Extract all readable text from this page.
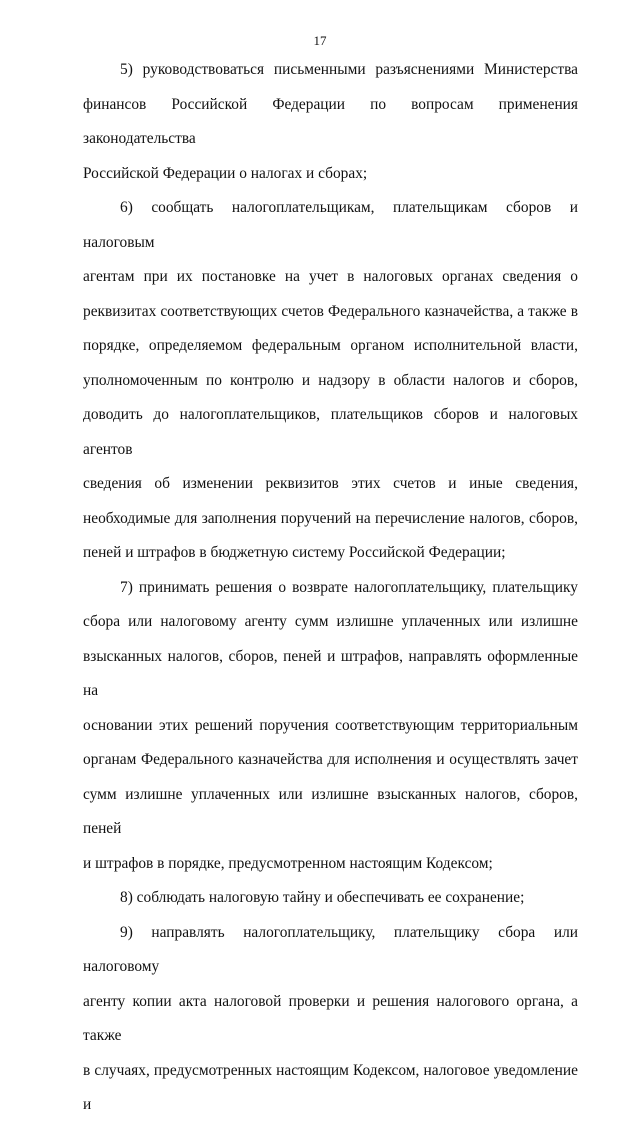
17
5) руководствоваться письменными разъяснениями Министерства
финансов Российской Федерации по вопросам применения законодательства
Российской Федерации о налогах и сборах;
6) сообщать налогоплательщикам, плательщикам сборов и налоговым
агентам при их постановке на учет в налоговых органах сведения о
реквизитах соответствующих счетов Федерального казначейства, а также в
порядке, определяемом федеральным органом исполнительной власти,
уполномоченным по контролю и надзору в области налогов и сборов,
доводить до налогоплательщиков, плательщиков сборов и налоговых агентов
сведения об изменении реквизитов этих счетов и иные сведения,
необходимые для заполнения поручений на перечисление налогов, сборов,
пеней и штрафов в бюджетную систему Российской Федерации;
7) принимать решения о возврате налогоплательщику, плательщику
сбора или налоговому агенту сумм излишне уплаченных или излишне
взысканных налогов, сборов, пеней и штрафов, направлять оформленные на
основании этих решений поручения соответствующим территориальным
органам Федерального казначейства для исполнения и осуществлять зачет
сумм излишне уплаченных или излишне взысканных налогов, сборов, пеней
и штрафов в порядке, предусмотренном настоящим Кодексом;
8) соблюдать налоговую тайну и обеспечивать ее сохранение;
9) направлять налогоплательщику, плательщику сбора или налоговому
агенту копии акта налоговой проверки и решения налогового органа, а также
в случаях, предусмотренных настоящим Кодексом, налоговое уведомление и
